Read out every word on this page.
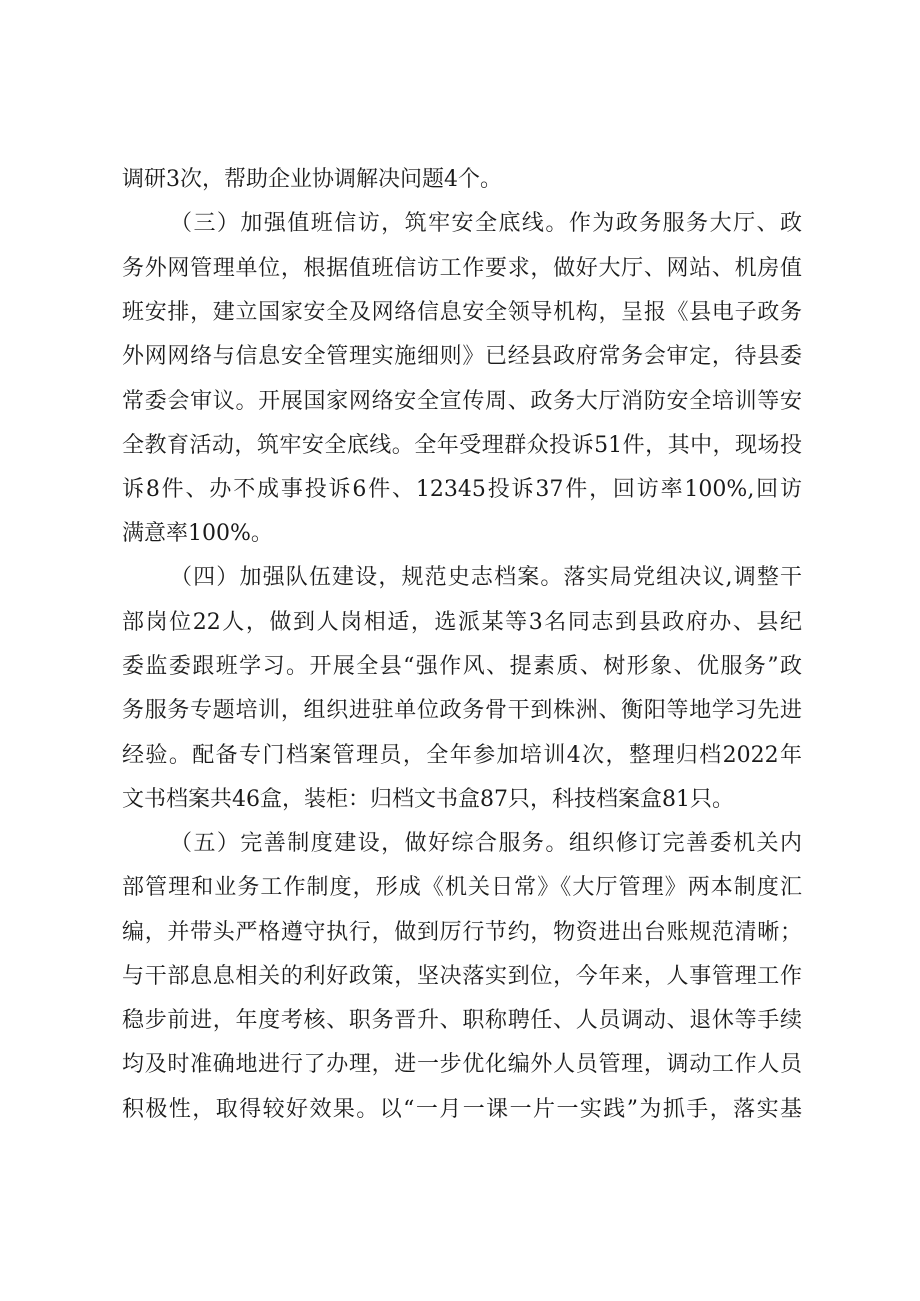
调研3次，帮助企业协调解决问题4个。
（三）加强值班信访，筑牢安全底线。作为政务服务大厅、政
务外网管理单位，根据值班信访工作要求，做好大厅、网站、机房值
班安排，建立国家安全及网络信息安全领导机构，呈报《县电子政务
外网网络与信息安全管理实施细则》已经县政府常务会审定，待县委
常委会审议。开展国家网络安全宣传周、政务大厅消防安全培训等安
全教育活动，筑牢安全底线。全年受理群众投诉51件，其中，现场投
诉8件、办不成事投诉6件、12345投诉37件，回访率100%,回访
满意率100%。
（四）加强队伍建设，规范史志档案。落实局党组决议,调整干
部岗位22人，做到人岗相适，选派某等3名同志到县政府办、县纪
委监委跟班学习。开展全县“强作风、提素质、树形象、优服务”政
务服务专题培训，组织进驻单位政务骨干到株洲、衡阳等地学习先进
经验。配备专门档案管理员，全年参加培训4次，整理归档2022年
文书档案共46盒，装柜：归档文书盒87只，科技档案盒81只。
（五）完善制度建设，做好综合服务。组织修订完善委机关内
部管理和业务工作制度，形成《机关日常》《大厅管理》两本制度汇
编，并带头严格遵守执行，做到厉行节约，物资进出台账规范清晰；
与干部息息相关的利好政策，坚决落实到位，今年来，人事管理工作
稳步前进，年度考核、职务晋升、职称聘任、人员调动、退休等手续
均及时准确地进行了办理，进一步优化编外人员管理，调动工作人员
积极性，取得较好效果。以“一月一课一片一实践”为抓手，落实基
